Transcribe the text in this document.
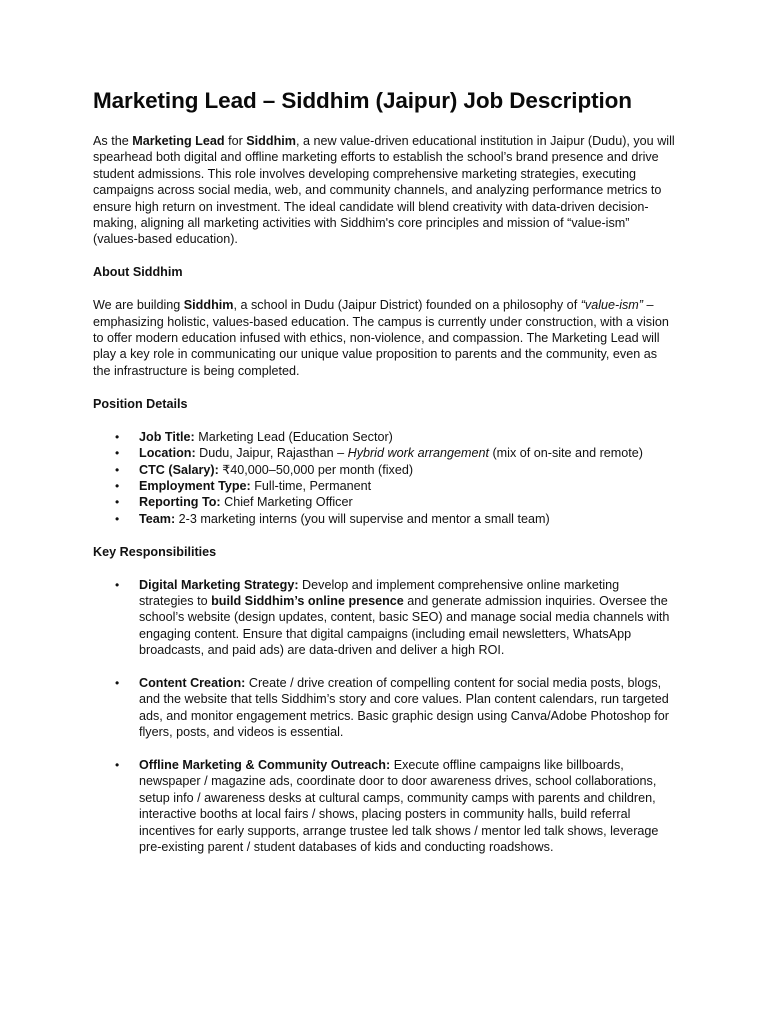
Marketing Lead – Siddhim (Jaipur) Job Description

As the Marketing Lead for Siddhim, a new value-driven educational institution in Jaipur (Dudu), you will spearhead both digital and offline marketing efforts to establish the school’s brand presence and drive student admissions. This role involves developing comprehensive marketing strategies, executing campaigns across social media, web, and community channels, and analyzing performance metrics to ensure high return on investment. The ideal candidate will blend creativity with data-driven decision-making, aligning all marketing activities with Siddhim's core principles and mission of “value-ism” (values-based education).

About Siddhim

We are building Siddhim, a school in Dudu (Jaipur District) founded on a philosophy of “value-ism” – emphasizing holistic, values-based education. The campus is currently under construction, with a vision to offer modern education infused with ethics, non-violence, and compassion. The Marketing Lead will play a key role in communicating our unique value proposition to parents and the community, even as the infrastructure is being completed.

Position Details
• Job Title: Marketing Lead (Education Sector)
• Location: Dudu, Jaipur, Rajasthan – Hybrid work arrangement (mix of on-site and remote)
• CTC (Salary): ₹40,000–50,000 per month (fixed)
• Employment Type: Full-time, Permanent
• Reporting To: Chief Marketing Officer
• Team: 2-3 marketing interns (you will supervise and mentor a small team)
Key Responsibilities
• Digital Marketing Strategy: Develop and implement comprehensive online marketing strategies to build Siddhim’s online presence and generate admission inquiries. Oversee the school’s website (design updates, content, basic SEO) and manage social media channels with engaging content. Ensure that digital campaigns (including email newsletters, WhatsApp broadcasts, and paid ads) are data-driven and deliver a high ROI.
• Content Creation: Create / drive creation of compelling content for social media posts, blogs, and the website that tells Siddhim’s story and core values. Plan content calendars, run targeted ads, and monitor engagement metrics. Basic graphic design using Canva/Adobe Photoshop for flyers, posts, and videos is essential.
• Offline Marketing & Community Outreach: Execute offline campaigns like billboards, newspaper / magazine ads, coordinate door to door awareness drives, school collaborations, setup info / awareness desks at cultural camps, community camps with parents and children, interactive booths at local fairs / shows, placing posters in community halls, build referral incentives for early supports, arrange trustee led talk shows / mentor led talk shows, leverage pre-existing parent / student databases of kids and conducting roadshows.
